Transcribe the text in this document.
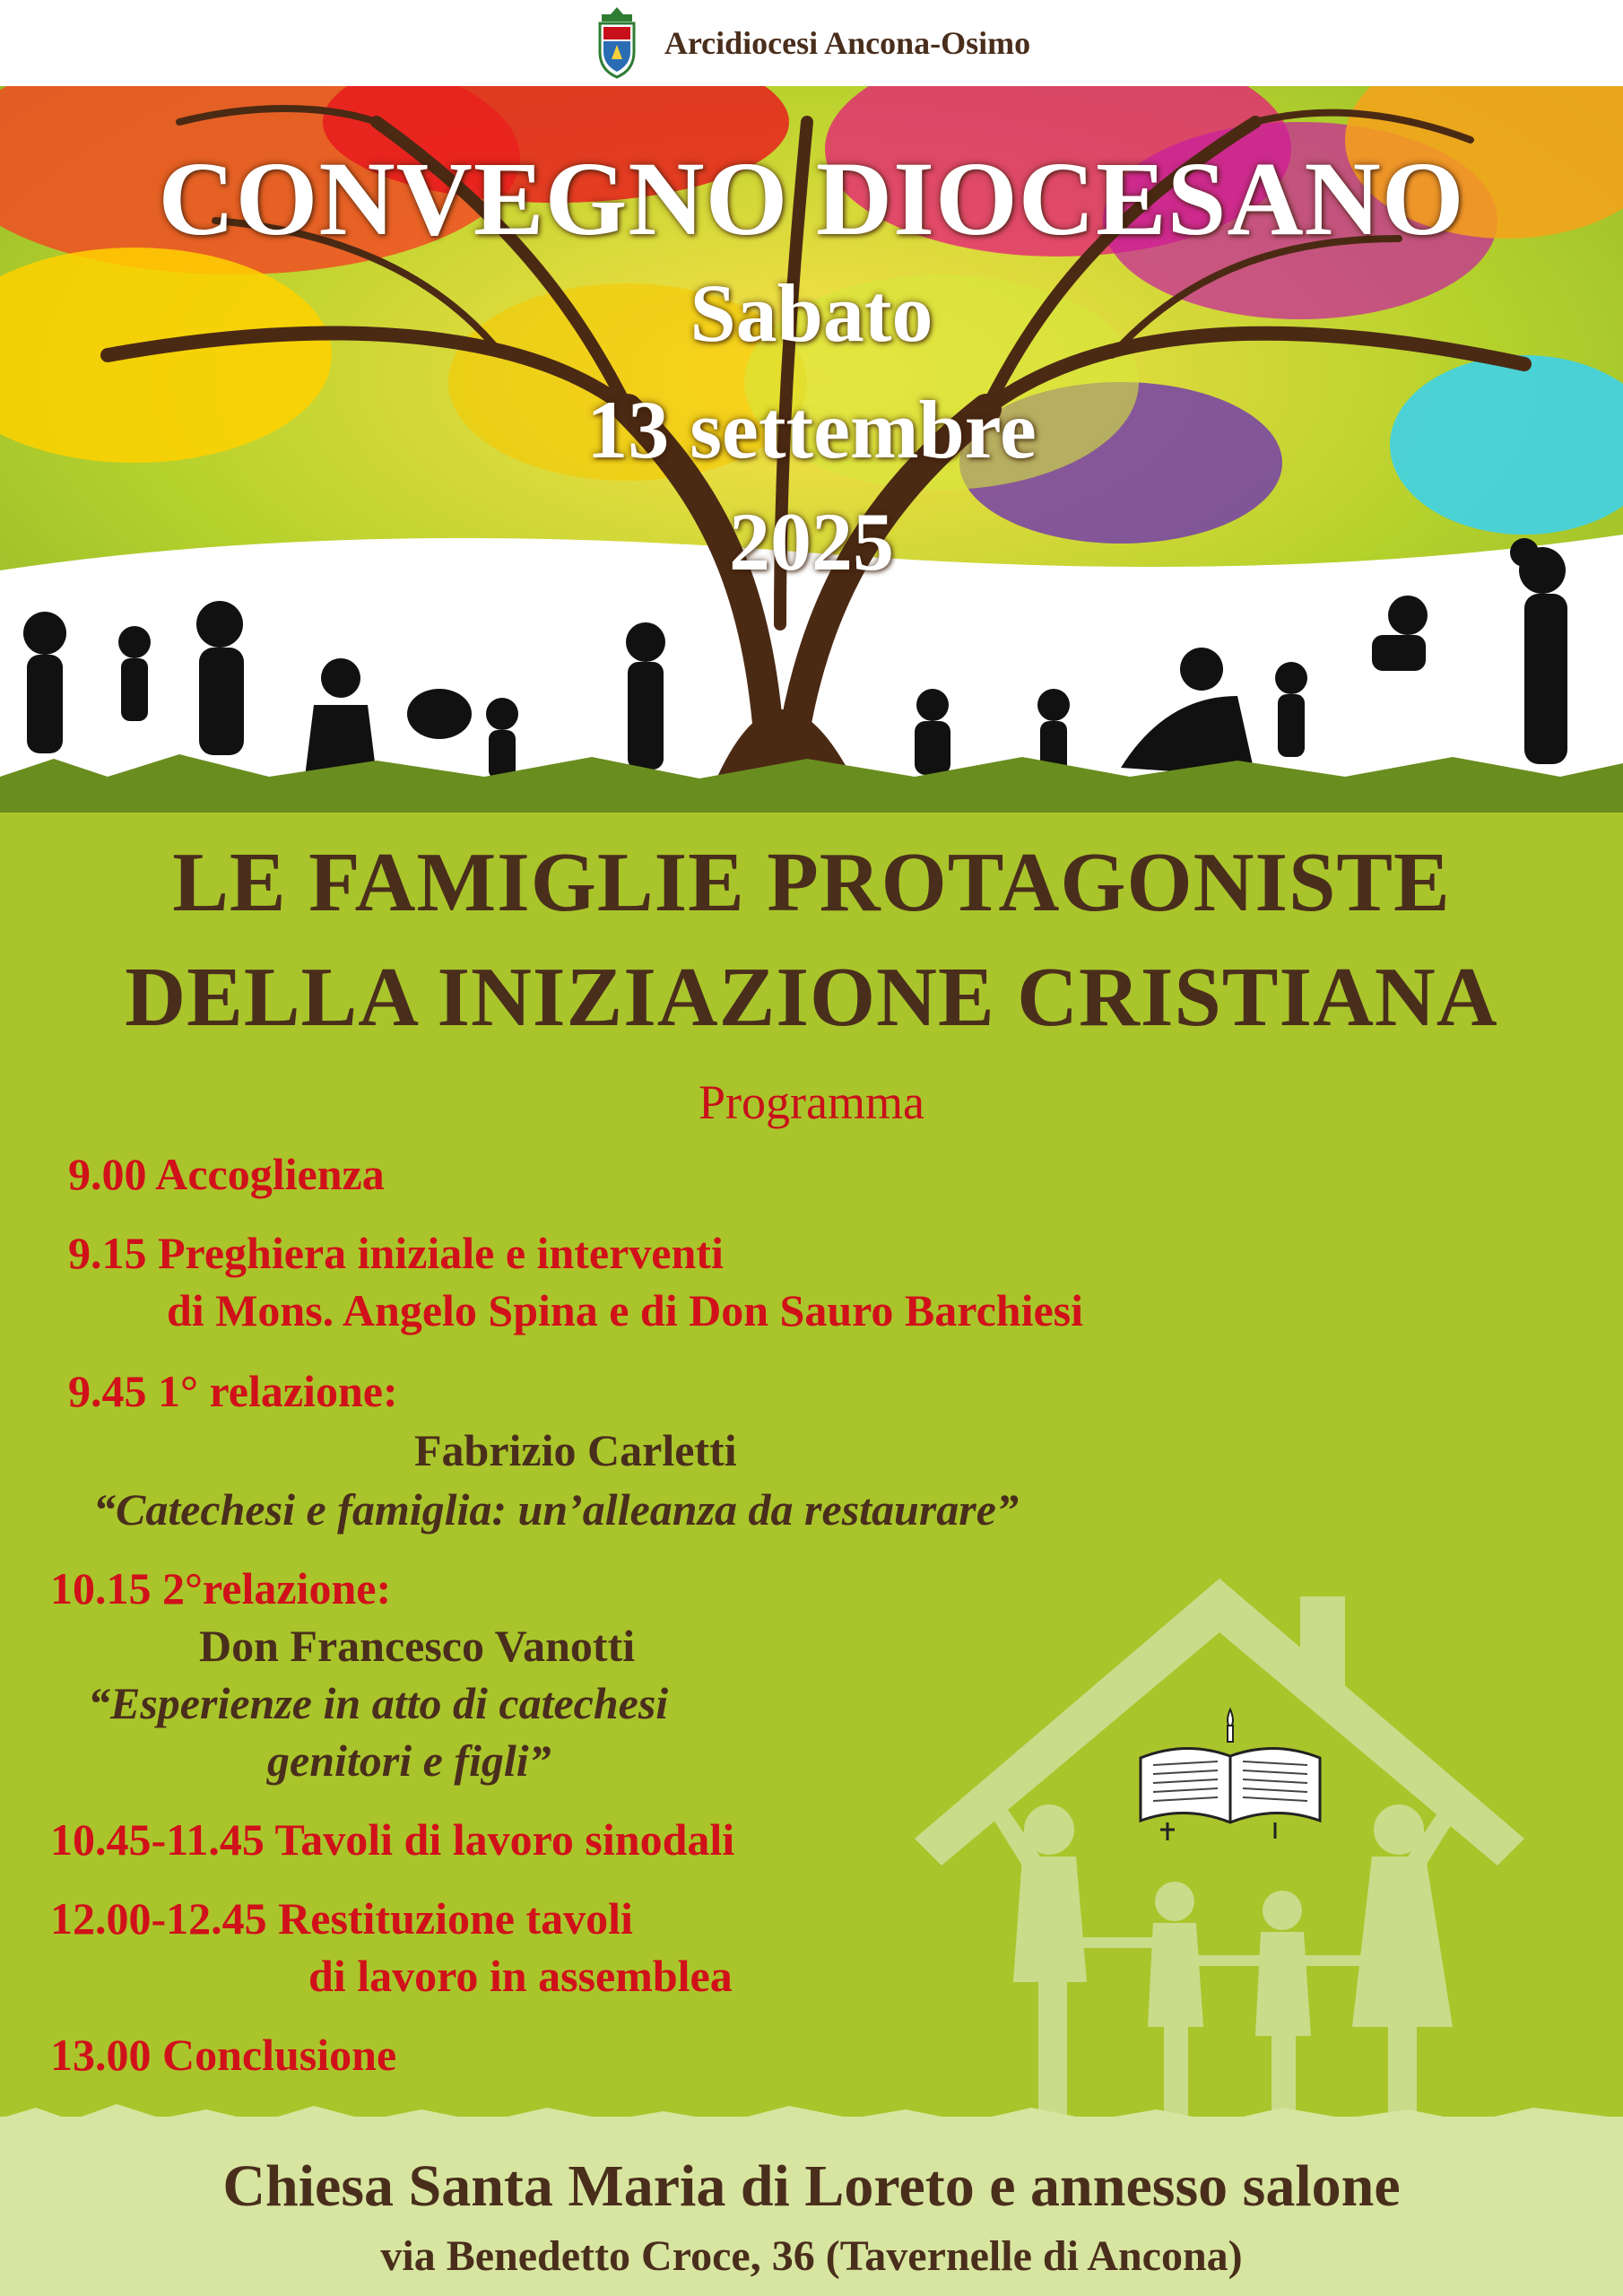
Arcidiocesi Ancona-Osimo
CONVEGNO DIOCESANO
Sabato
13 settembre
2025
LE FAMIGLIE PROTAGONISTE
DELLA INIZIAZIONE CRISTIANA
Programma
9.00 Accoglienza
9.15 Preghiera iniziale e interventi
di Mons. Angelo Spina e di Don Sauro Barchiesi
9.45 1° relazione:
Fabrizio Carletti
“Catechesi e famiglia: un’alleanza da restaurare”
10.15 2°relazione:
Don Francesco Vanotti
“Esperienze in atto di catechesi
genitori e figli”
10.45-11.45 Tavoli di lavoro sinodali
12.00-12.45 Restituzione tavoli
di lavoro in assemblea
13.00 Conclusione
Chiesa Santa Maria di Loreto e annesso salone
via Benedetto Croce, 36 (Tavernelle di Ancona)
